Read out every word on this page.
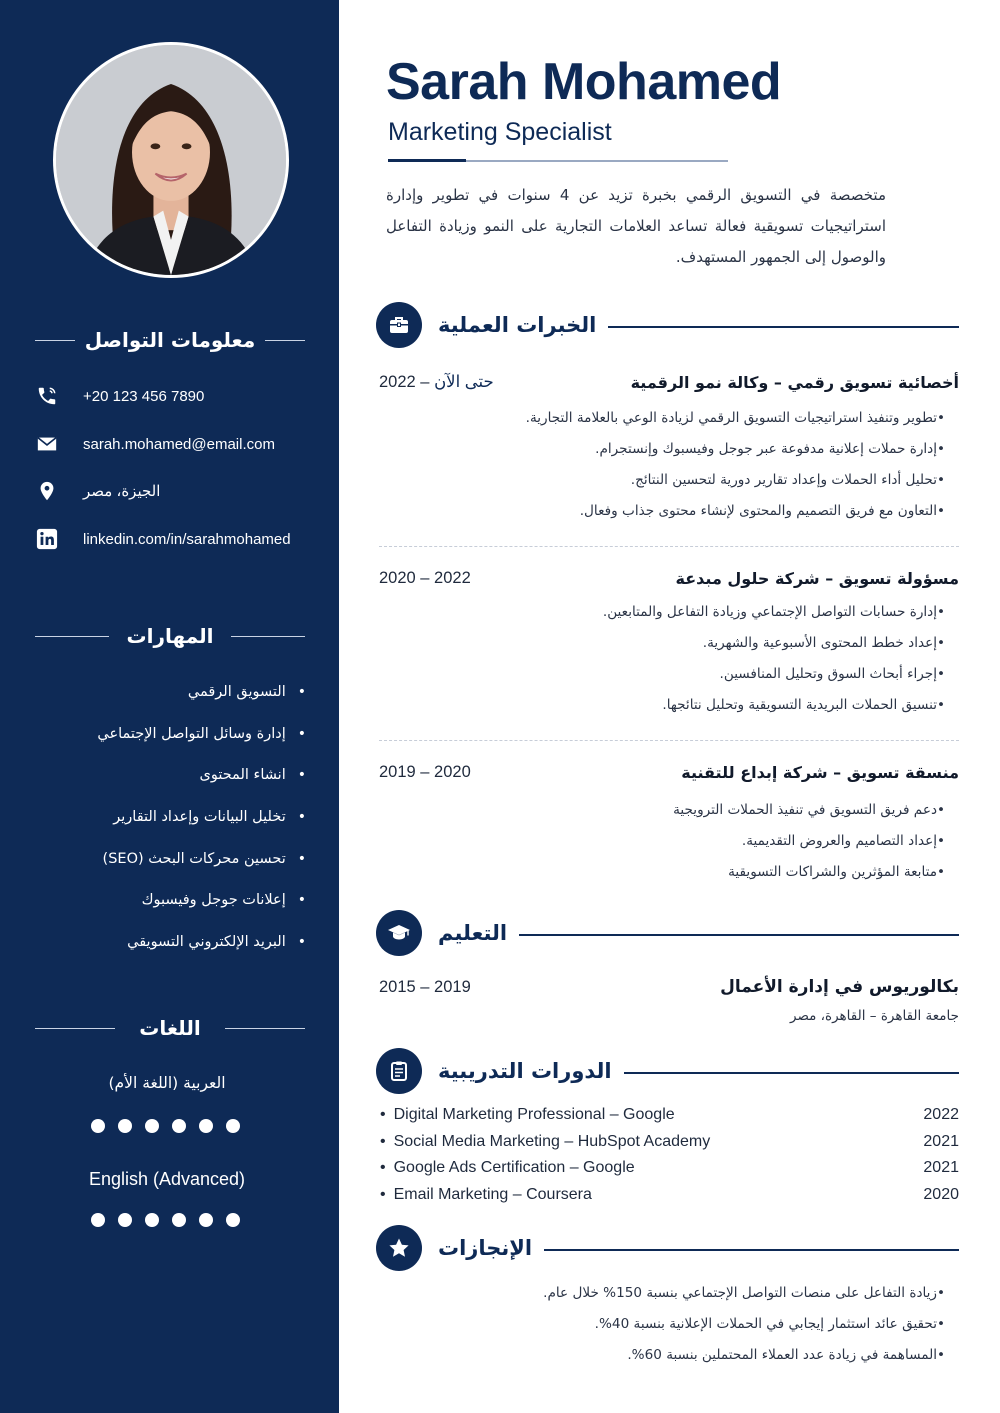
معلومات التواصل
+20 123 456 7890
sarah.mohamed@email.com
الجيزة، مصر
linkedin.com/in/sarahmohamed
المهارات
• التسويق الرقمي
• إدارة وسائل التواصل الإجتماعي
• انشاء المحتوى
• تخليل البيانات وإعداد التقارير
• تحسين محركات البحث (SEO)
• إعلانات جوجل وفيسبوك
• البريد الإلكتروني التسويقي
اللغات
العربية (اللغة الأم)
English (Advanced)
Sarah Mohamed
Marketing Specialist
متخصصة في التسويق الرقمي بخبرة تزيد عن 4 سنوات في تطوير وإدارة استراتيجيات تسويقية فعالة تساعد العلامات التجارية على النمو وزيادة التفاعل والوصول إلى الجمهور المستهدف.
الخبرات العملية
2022 – حتى الآن	أخصائية تسويق رقمي – وكالة نمو الرقمية
• تطوير وتنفيذ استراتيجيات التسويق الرقمي لزيادة الوعي بالعلامة التجارية.
• إدارة حملات إعلانية مدفوعة عبر جوجل وفيسبوك وإنستجرام.
• تحليل أداء الحملات وإعداد تقارير دورية لتحسين النتائج.
• التعاون مع فريق التصميم والمحتوى لإنشاء محتوى جذاب وفعال.
2020 – 2022	مسؤولة تسويق – شركة حلول مبدعة
• إدارة حسابات التواصل الإجتماعي وزيادة التفاعل والمتابعين.
• إعداد خطط المحتوى الأسبوعية والشهرية.
• إجراء أبحاث السوق وتحليل المنافسين.
• تنسيق الحملات البريدية التسويقية وتحليل نتائجها.
2019 – 2020	منسقة تسويق – شركة إبداع للتقنية
• دعم فريق التسويق في تنفيذ الحملات الترويجية
• إعداد التصاميم والعروض التقديمية.
• متابعة المؤثرين والشراكات التسويقية
التعليم
2015 – 2019	بكالوريوس في إدارة الأعمال
جامعة القاهرة – القاهرة، مصر
الدورات التدريبية
• Digital Marketing Professional – Google	2022
• Social Media Marketing – HubSpot Academy	2021
• Google Ads Certification – Google	2021
• Email Marketing – Coursera	2020
الإنجازات
• زيادة التفاعل على منصات التواصل الإجتماعي بنسبة 150% خلال عام.
• تحقيق عائد استثمار إيجابي في الحملات الإعلانية بنسبة 40%.
• المساهمة في زيادة عدد العملاء المحتملين بنسبة 60%.
